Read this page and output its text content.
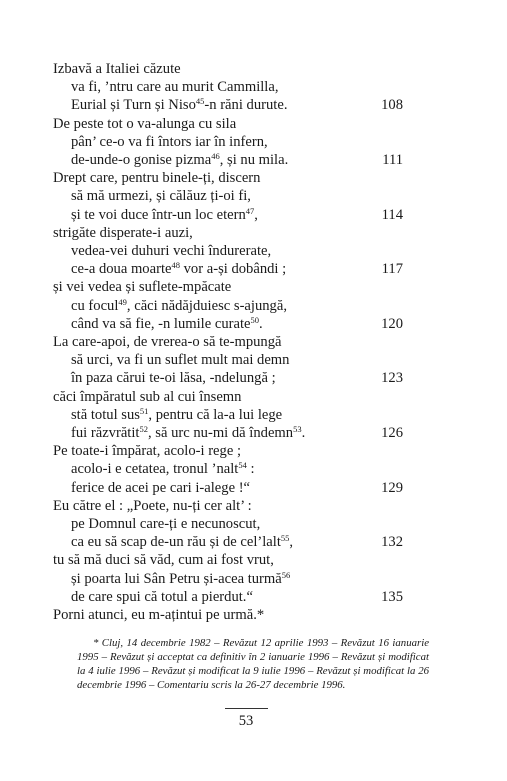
Izbavă a Italiei căzute
va fi, ’ntru care au murit Cammilla,
Eurial și Turn și Niso$^{45}$-n răni durute.	108
De peste tot o va-alunga cu sila
pân’ ce-o va fi întors iar în infern,
de-unde-o gonise pizma$^{46}$, și nu mila.	111
Drept care, pentru binele-ți, discern
să mă urmezi, și călăuz ți-oi fi,
și te voi duce într-un loc etern$^{47}$,	114
strigăte disperate-i auzi,
vedea-vei duhuri vechi îndurerate,
ce-a doua moarte$^{48}$ vor a-și dobândi ;	117
și vei vedea și suflete-mpăcate
cu focul$^{49}$, căci nădăjduiesc s-ajungă,
când va să fie, -n lumile curate$^{50}$.	120
La care-apoi, de vrerea-o să te-mpungă
să urci, va fi un suflet mult mai demn
în paza cărui te-oi lăsa, -ndelungă ;	123
căci împăratul sub al cui însemn
stă totul sus$^{51}$, pentru că la-a lui lege
fui răzvrătit$^{52}$, să urc nu-mi dă îndemn$^{53}$.	126
Pe toate-i împărat, acolo-i rege ;
acolo-i e cetatea, tronul ’nalt$^{54}$ :
ferice de acei pe cari i-alege !“	129
Eu către el : „Poete, nu-ți cer alt’ :
pe Domnul care-ți e necunoscut,
ca eu să scap de-un rău și de cel’lalt$^{55}$,	132
tu să mă duci să văd, cum ai fost vrut,
și poarta lui Sân Petru și-acea turmă$^{56}$
de care spui că totul a pierdut.“	135
Porni atunci, eu m-ațintui pe urmă.*
* Cluj, 14 decembrie 1982 – Revăzut 12 aprilie 1993 – Revăzut 16 ianuarie 1995 – Revăzut și acceptat ca definitiv în 2 ianuarie 1996 – Revăzut și modificat la 4 iulie 1996 – Revăzut și modificat la 9 iulie 1996 – Revăzut și modificat la 26 decembrie 1996 – Comentariu scris la 26-27 decembrie 1996.
53
